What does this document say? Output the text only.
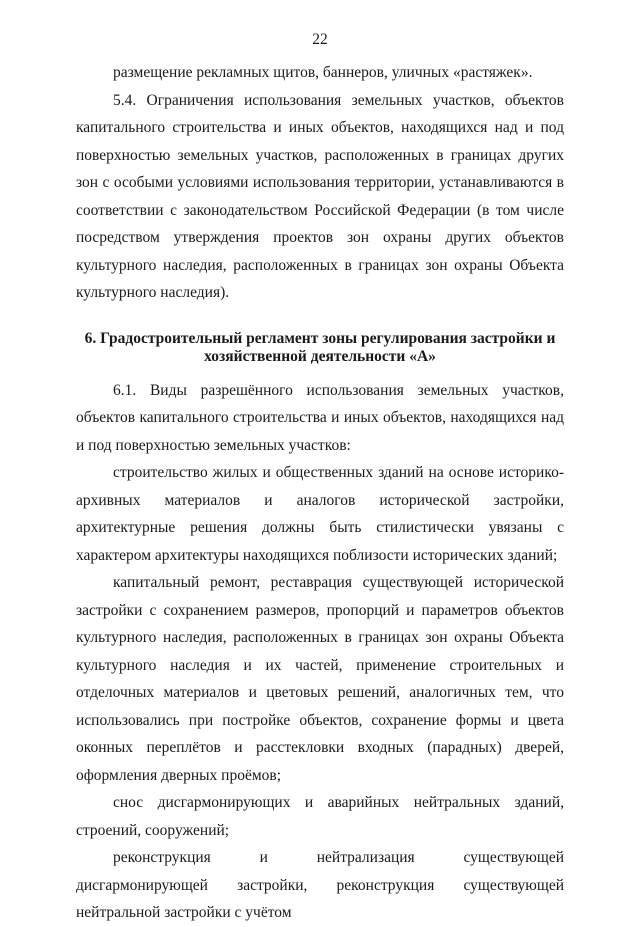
22

размещение рекламных щитов, баннеров, уличных «растяжек».

5.4. Ограничения использования земельных участков, объектов капитального строительства и иных объектов, находящихся над и под поверхностью земельных участков, расположенных в границах других зон с особыми условиями использования территории, устанавливаются в соответствии с законодательством Российской Федерации (в том числе посредством утверждения проектов зон охраны других объектов культурного наследия, расположенных в границах зон охраны Объекта культурного наследия).

6. Градостроительный регламент зоны регулирования застройки и хозяйственной деятельности «А»

6.1. Виды разрешённого использования земельных участков, объектов капитального строительства и иных объектов, находящихся над и под поверхностью земельных участков:

строительство жилых и общественных зданий на основе историко-архивных материалов и аналогов исторической застройки, архитектурные решения должны быть стилистически увязаны с характером архитектуры находящихся поблизости исторических зданий;

капитальный ремонт, реставрация существующей исторической застройки с сохранением размеров, пропорций и параметров объектов культурного наследия, расположенных в границах зон охраны Объекта культурного наследия и их частей, применение строительных и отделочных материалов и цветовых решений, аналогичных тем, что использовались при постройке объектов, сохранение формы и цвета оконных переплётов и расстекловки входных (парадных) дверей, оформления дверных проёмов;

снос дисгармонирующих и аварийных нейтральных зданий, строений, сооружений;

реконструкция и нейтрализация существующей дисгармонирующей застройки, реконструкция существующей нейтральной застройки с учётом
